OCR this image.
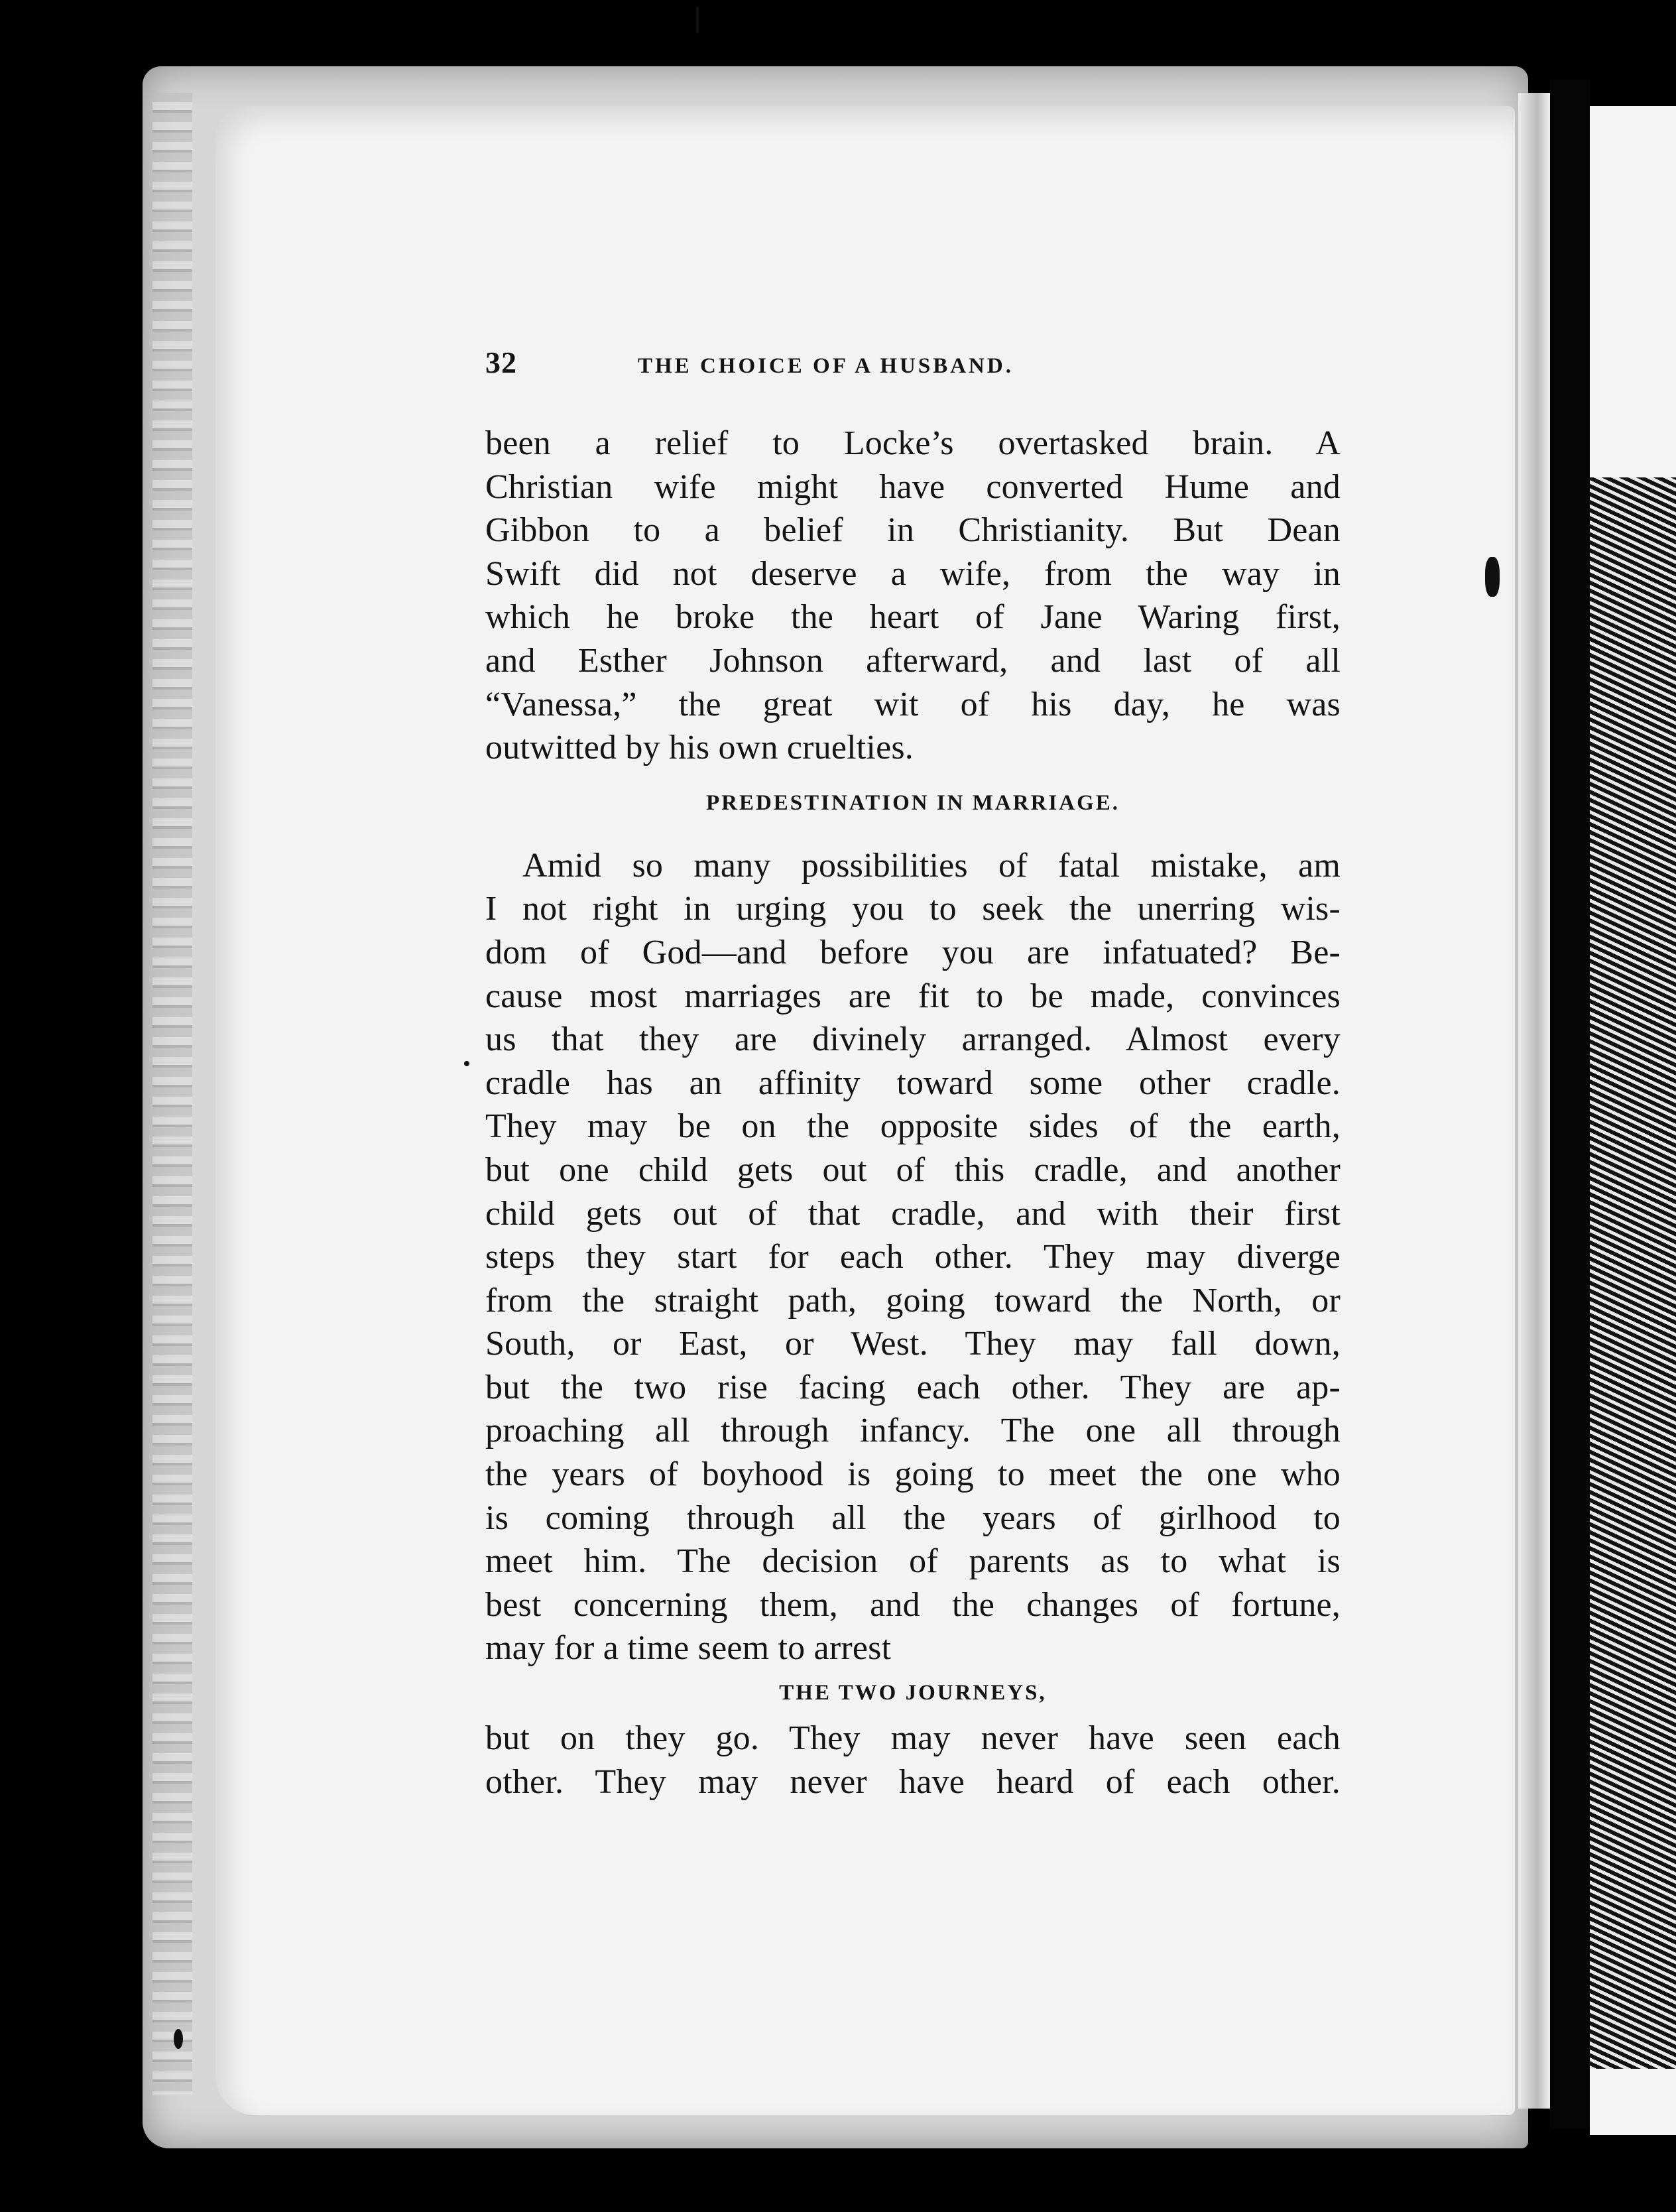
32	THE CHOICE OF A HUSBAND.
been a relief to Locke’s overtasked brain. A
Christian wife might have converted Hume and
Gibbon to a belief in Christianity. But Dean
Swift did not deserve a wife, from the way in
which he broke the heart of Jane Waring first,
and Esther Johnson afterward, and last of all
“Vanessa,” the great wit of his day, he was
outwitted by his own cruelties.
PREDESTINATION IN MARRIAGE.
Amid so many possibilities of fatal mistake, am
I not right in urging you to seek the unerring wis-
dom of God—and before you are infatuated? Be-
cause most marriages are fit to be made, convinces
us that they are divinely arranged. Almost every
cradle has an affinity toward some other cradle.
They may be on the opposite sides of the earth,
but one child gets out of this cradle, and another
child gets out of that cradle, and with their first
steps they start for each other. They may diverge
from the straight path, going toward the North, or
South, or East, or West. They may fall down,
but the two rise facing each other. They are ap-
proaching all through infancy. The one all through
the years of boyhood is going to meet the one who
is coming through all the years of girlhood to
meet him. The decision of parents as to what is
best concerning them, and the changes of fortune,
may for a time seem to arrest
THE TWO JOURNEYS,
but on they go. They may never have seen each
other. They may never have heard of each other.
